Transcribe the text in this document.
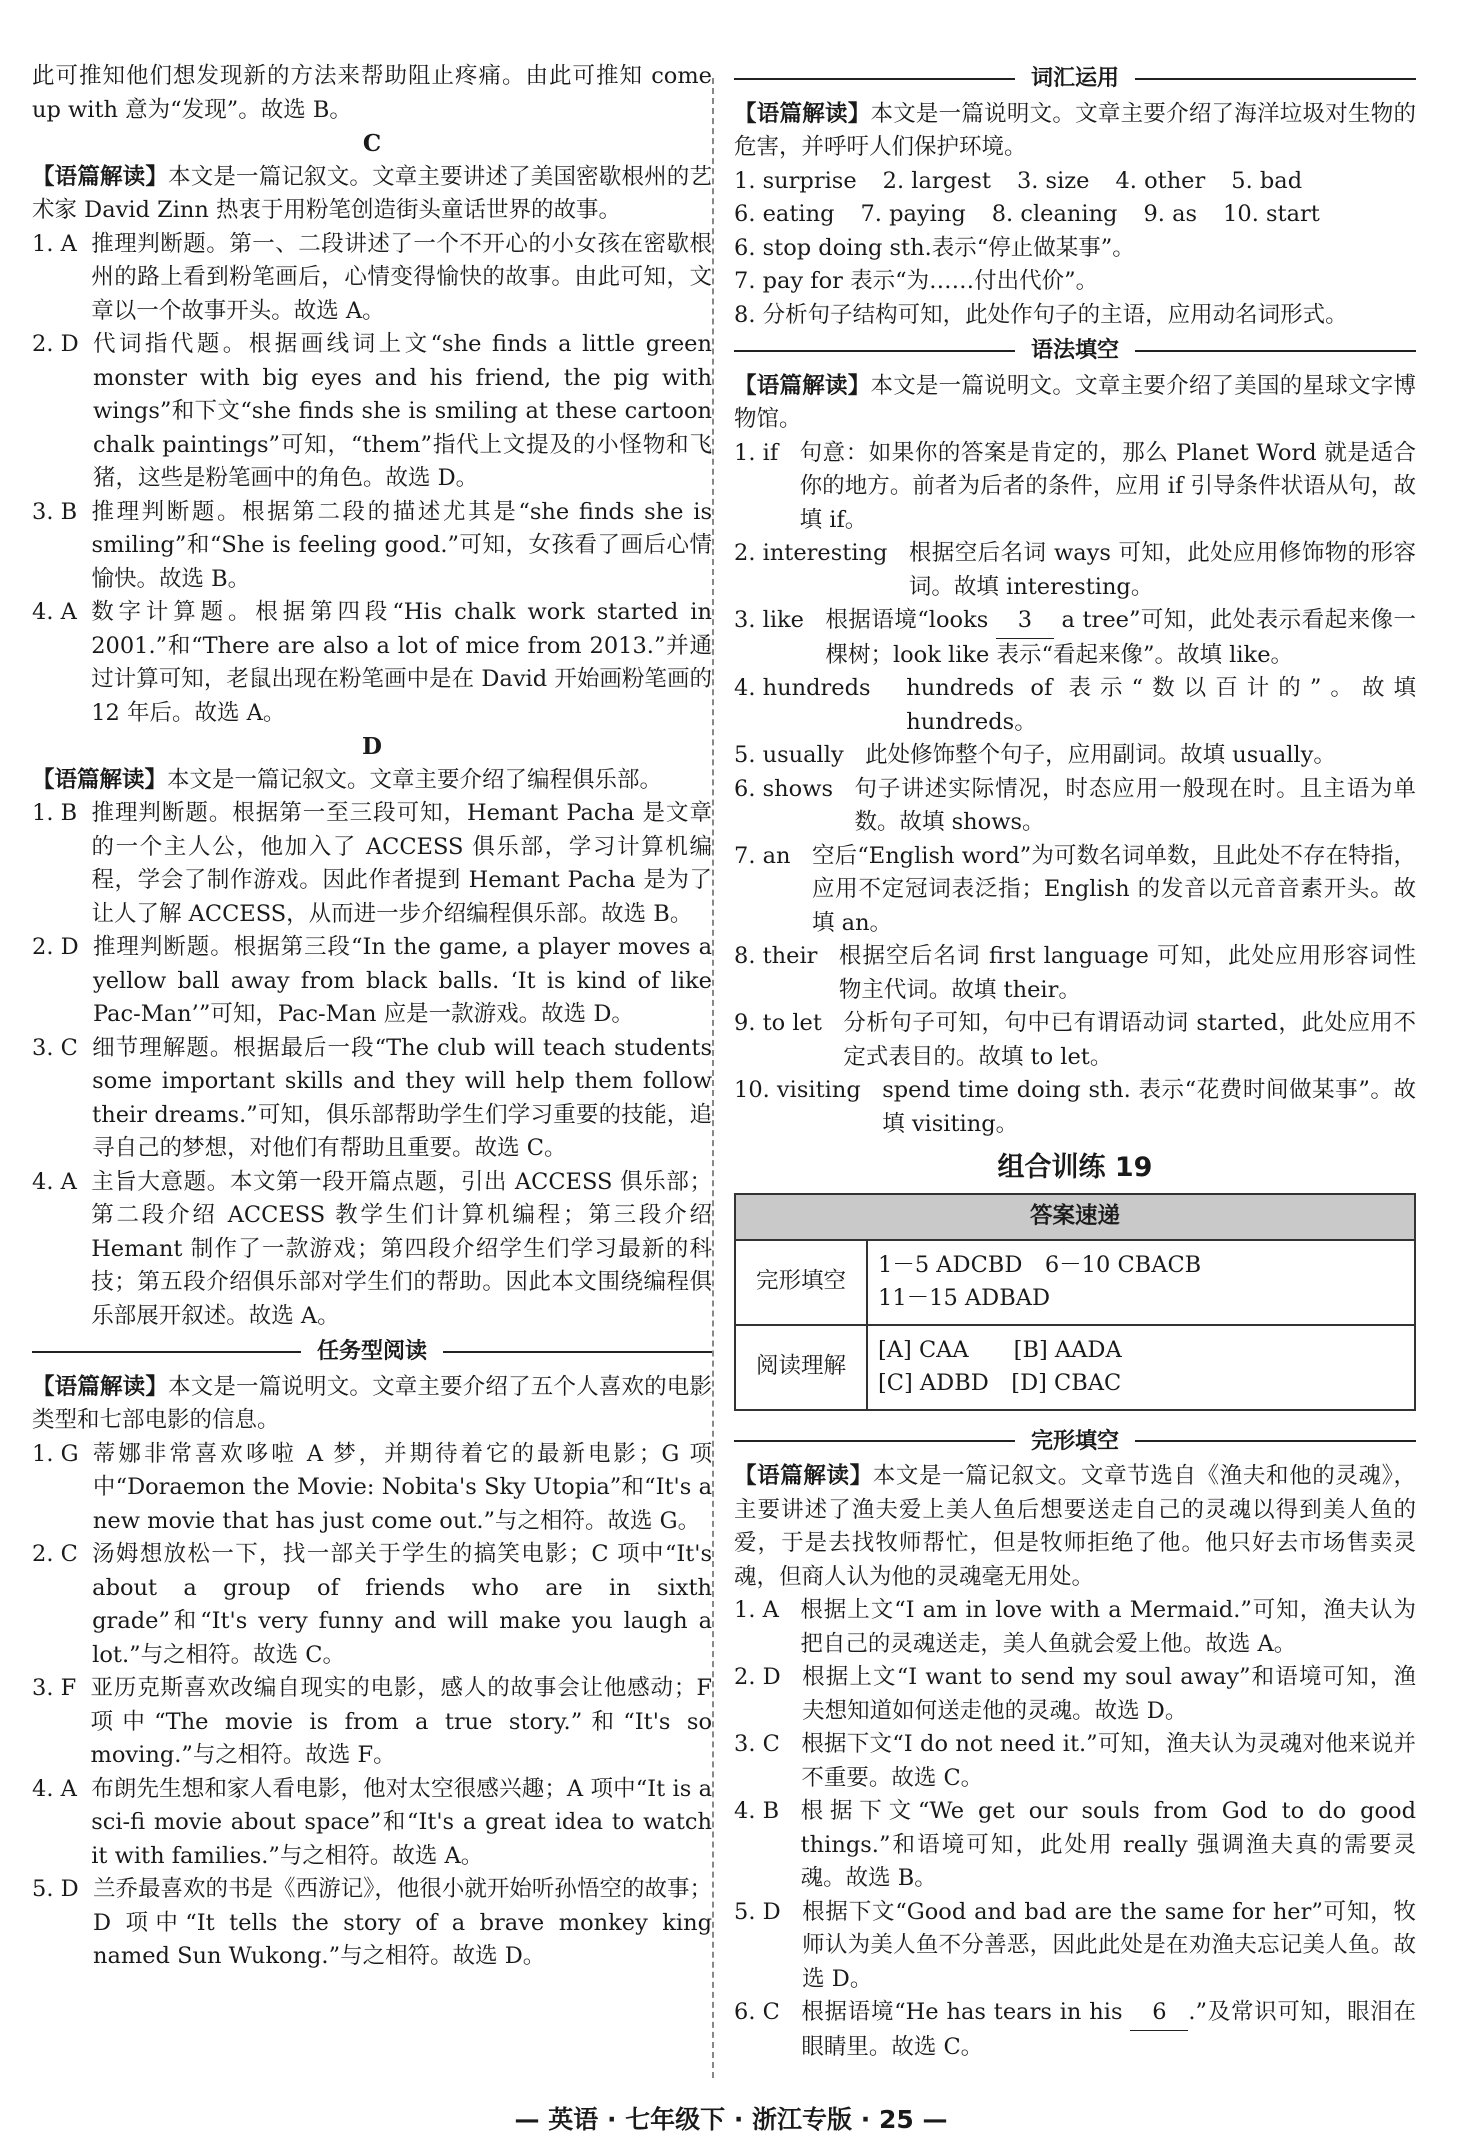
此可推知他们想发现新的方法来帮助阻止疼痛。由此可推知 come up with 意为“发现”。故选 B。

C

【语篇解读】本文是一篇记叙文。文章主要讲述了美国密歇根州的艺术家 David Zinn 热衷于用粉笔创造街头童话世界的故事。

1. A
推理判断题。第一、二段讲述了一个不开心的小女孩在密歇根州的路上看到粉笔画后，心情变得愉快的故事。由此可知，文章以一个故事开头。故选 A。
2. D
代词指代题。根据画线词上文“she finds a little green monster with big eyes and his friend, the pig with wings”和下文“she finds she is smiling at these cartoon chalk paintings”可知，“them”指代上文提及的小怪物和飞猪，这些是粉笔画中的角色。故选 D。
3. B
推理判断题。根据第二段的描述尤其是“she finds she is smiling”和“She is feeling good.”可知，女孩看了画后心情愉快。故选 B。
4. A
数字计算题。根据第四段“His chalk work started in 2001.”和“There are also a lot of mice from 2013.”并通过计算可知，老鼠出现在粉笔画中是在 David 开始画粉笔画的 12 年后。故选 A。

D

【语篇解读】本文是一篇记叙文。文章主要介绍了编程俱乐部。

1. B
推理判断题。根据第一至三段可知，Hemant Pacha 是文章的一个主人公，他加入了 ACCESS 俱乐部，学习计算机编程，学会了制作游戏。因此作者提到 Hemant Pacha 是为了让人了解 ACCESS，从而进一步介绍编程俱乐部。故选 B。
2. D
推理判断题。根据第三段“In the game, a player moves a yellow ball away from black balls. ‘It is kind of like Pac-Man’”可知，Pac-Man 应是一款游戏。故选 D。
3. C
细节理解题。根据最后一段“The club will teach students some important skills and they will help them follow their dreams.”可知，俱乐部帮助学生们学习重要的技能，追寻自己的梦想，对他们有帮助且重要。故选 C。
4. A
主旨大意题。本文第一段开篇点题，引出 ACCESS 俱乐部；第二段介绍 ACCESS 教学生们计算机编程；第三段介绍 Hemant 制作了一款游戏；第四段介绍学生们学习最新的科技；第五段介绍俱乐部对学生们的帮助。因此本文围绕编程俱乐部展开叙述。故选 A。
任务型阅读

【语篇解读】本文是一篇说明文。文章主要介绍了五个人喜欢的电影类型和七部电影的信息。

1. G
蒂娜非常喜欢哆啦 A 梦，并期待着它的最新电影；G 项中“Doraemon the Movie: Nobita's Sky Utopia”和“It's a new movie that has just come out.”与之相符。故选 G。
2. C
汤姆想放松一下，找一部关于学生的搞笑电影；C 项中“It's about a group of friends who are in sixth grade”和“It's very funny and will make you laugh a lot.”与之相符。故选 C。
3. F
亚历克斯喜欢改编自现实的电影，感人的故事会让他感动；F 项中“The movie is from a true story.”和“It's so moving.”与之相符。故选 F。
4. A
布朗先生想和家人看电影，他对太空很感兴趣；A 项中“It is a sci-fi movie about space”和“It's a great idea to watch it with families.”与之相符。故选 A。
5. D
兰乔最喜欢的书是《西游记》，他很小就开始听孙悟空的故事；D 项中“It tells the story of a brave monkey king named Sun Wukong.”与之相符。故选 D。
词汇运用

【语篇解读】本文是一篇说明文。文章主要介绍了海洋垃圾对生物的危害，并呼吁人们保护环境。

1. surprise 2. largest 3. size 4. other 5. bad
6. eating 7. paying 8. cleaning 9. as 10. start

6. stop doing sth.表示“停止做某事”。

7. pay for 表示“为……付出代价”。

8. 分析句子结构可知，此处作句子的主语，应用动名词形式。

语法填空

【语篇解读】本文是一篇说明文。文章主要介绍了美国的星球文字博物馆。

1. if
句意：如果你的答案是肯定的，那么 Planet Word 就是适合你的地方。前者为后者的条件，应用 if 引导条件状语从句，故填 if。
2. interesting
根据空后名词 ways 可知，此处应用修饰物的形容词。故填 interesting。
3. like
根据语境“looks 3 a tree”可知，此处表示看起来像一棵树；look like 表示“看起来像”。故填 like。
4. hundreds
hundreds of 表示“数以百计的”。故填 hundreds。
5. usually
此处修饰整个句子，应用副词。故填 usually。
6. shows
句子讲述实际情况，时态应用一般现在时。且主语为单数。故填 shows。
7. an
空后“English word”为可数名词单数，且此处不存在特指，应用不定冠词表泛指；English 的发音以元音音素开头。故填 an。
8. their
根据空后名词 first language 可知，此处应用形容词性物主代词。故填 their。
9. to let
分析句子可知，句中已有谓语动词 started，此处应用不定式表目的。故填 to let。
10. visiting
spend time doing sth. 表示“花费时间做某事”。故填 visiting。
组合训练 19
答案速递	
完形填空	1－5 ADCBD　6－10 CBACB
11－15 ADBAD

阅读理解	[A] CAA　　[B] AADA
[C] ADBD　[D] CBAC
完形填空

【语篇解读】本文是一篇记叙文。文章节选自《渔夫和他的灵魂》，主要讲述了渔夫爱上美人鱼后想要送走自己的灵魂以得到美人鱼的爱，于是去找牧师帮忙，但是牧师拒绝了他。他只好去市场售卖灵魂，但商人认为他的灵魂毫无用处。

1. A
根据上文“I am in love with a Mermaid.”可知，渔夫认为把自己的灵魂送走，美人鱼就会爱上他。故选 A。
2. D
根据上文“I want to send my soul away”和语境可知，渔夫想知道如何送走他的灵魂。故选 D。
3. C
根据下文“I do not need it.”可知，渔夫认为灵魂对他来说并不重要。故选 C。
4. B
根据下文“We get our souls from God to do good things.”和语境可知，此处用 really 强调渔夫真的需要灵魂。故选 B。
5. D
根据下文“Good and bad are the same for her”可知，牧师认为美人鱼不分善恶，因此此处是在劝渔夫忘记美人鱼。故选 D。
6. C
根据语境“He has tears in his 6 .”及常识可知，眼泪在眼睛里。故选 C。
— 英语 · 七年级下 · 浙江专版 · 25 —
